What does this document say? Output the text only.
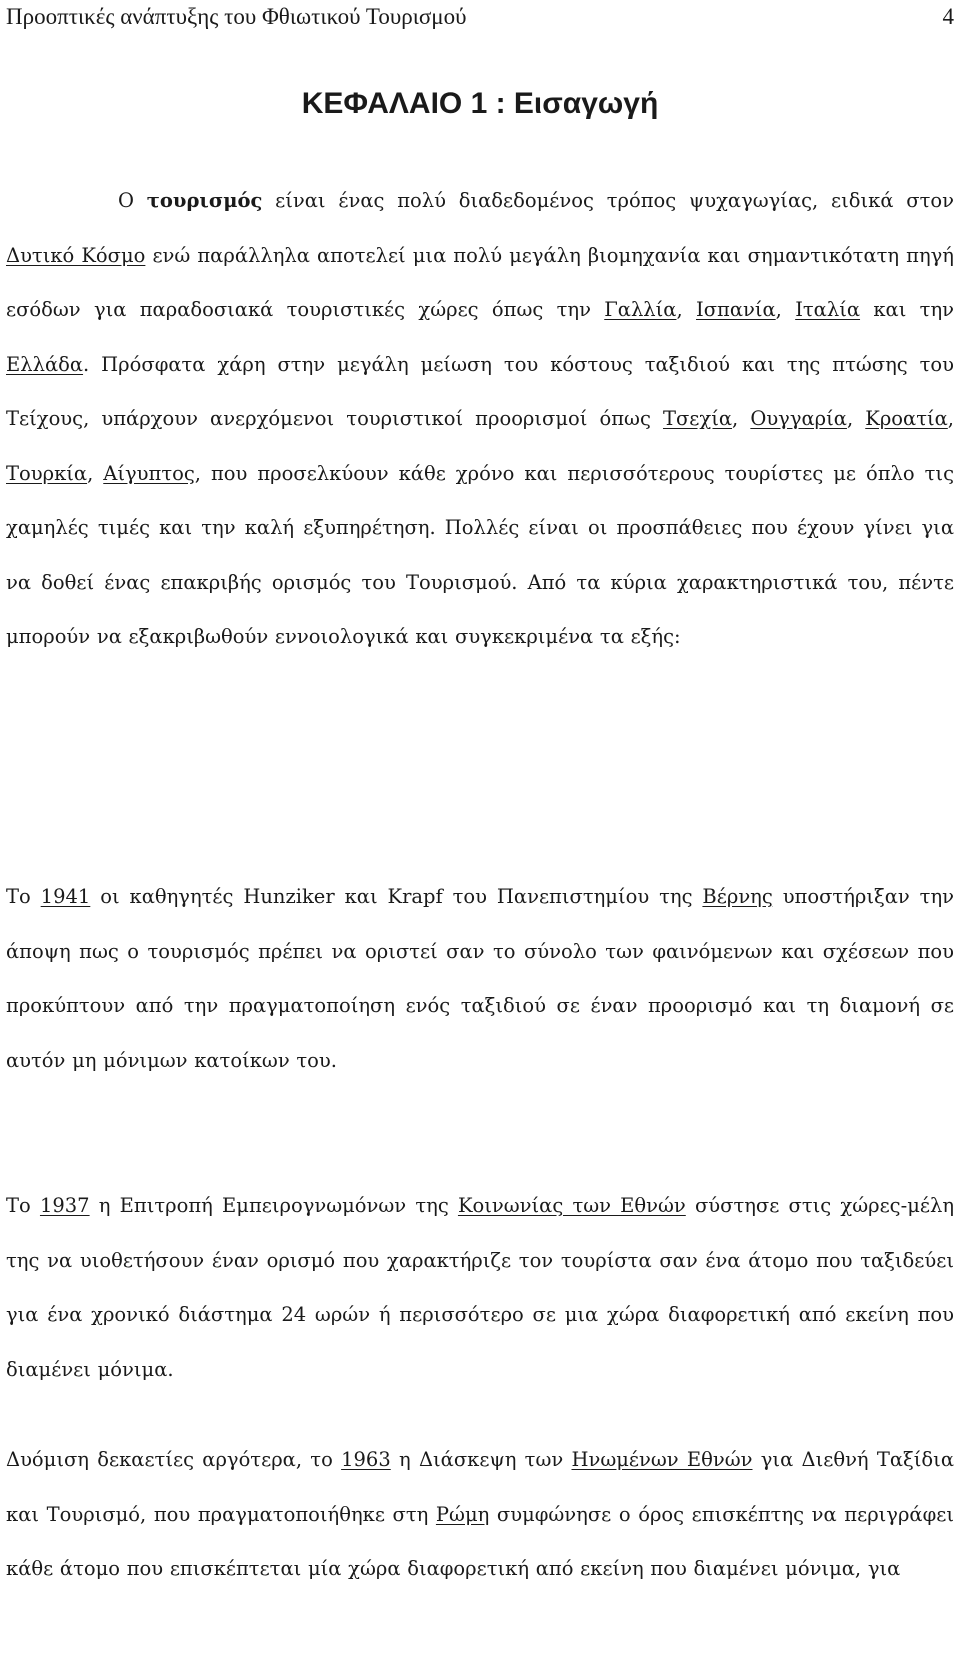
Προοπτικές ανάπτυξης του Φθιωτικού Τουρισμού	4
ΚΕΦΑΛΑΙΟ 1 : Εισαγωγή

Ο τουρισμός είναι ένας πολύ διαδεδομένος τρόπος ψυχαγωγίας, ειδικά στον Δυτικό Κόσμο ενώ παράλληλα αποτελεί μια πολύ μεγάλη βιομηχανία και σημαντικότατη πηγή εσόδων για παραδοσιακά τουριστικές χώρες όπως την Γαλλία, Ισπανία, Ιταλία και την Ελλάδα. Πρόσφατα χάρη στην μεγάλη μείωση του κόστους ταξιδιού και της πτώσης του Τείχους, υπάρχουν ανερχόμενοι τουριστικοί προορισμοί όπως Τσεχία, Ουγγαρία, Κροατία, Τουρκία, Αίγυπτος, που προσελκύουν κάθε χρόνο και περισσότερους τουρίστες με όπλο τις χαμηλές τιμές και την καλή εξυπηρέτηση. Πολλές είναι οι προσπάθειες που έχουν γίνει για να δοθεί ένας επακριβής ορισμός του Τουρισμού. Από τα κύρια χαρακτηριστικά του, πέντε μπορούν να εξακριβωθούν εννοιολογικά και συγκεκριμένα τα εξής:

Το 1941 οι καθηγητές Hunziker και Krapf του Πανεπιστημίου της Βέρνης υποστήριξαν την άποψη πως ο τουρισμός πρέπει να οριστεί σαν το σύνολο των φαινόμενων και σχέσεων που προκύπτουν από την πραγματοποίηση ενός ταξιδιού σε έναν προορισμό και τη διαμονή σε αυτόν μη μόνιμων κατοίκων του.

Το 1937 η Επιτροπή Εμπειρογνωμόνων της Κοινωνίας των Εθνών σύστησε στις χώρες-μέλη της να υιοθετήσουν έναν ορισμό που χαρακτήριζε τον τουρίστα σαν ένα άτομο που ταξιδεύει για ένα χρονικό διάστημα 24 ωρών ή περισσότερο σε μια χώρα διαφορετική από εκείνη που διαμένει μόνιμα.

Δυόμιση δεκαετίες αργότερα, το 1963 η Διάσκεψη των Ηνωμένων Εθνών για Διεθνή Ταξίδια και Τουρισμό, που πραγματοποιήθηκε στη Ρώμη συμφώνησε ο όρος επισκέπτης να περιγράφει κάθε άτομο που επισκέπτεται μία χώρα διαφορετική από εκείνη που διαμένει μόνιμα, για
